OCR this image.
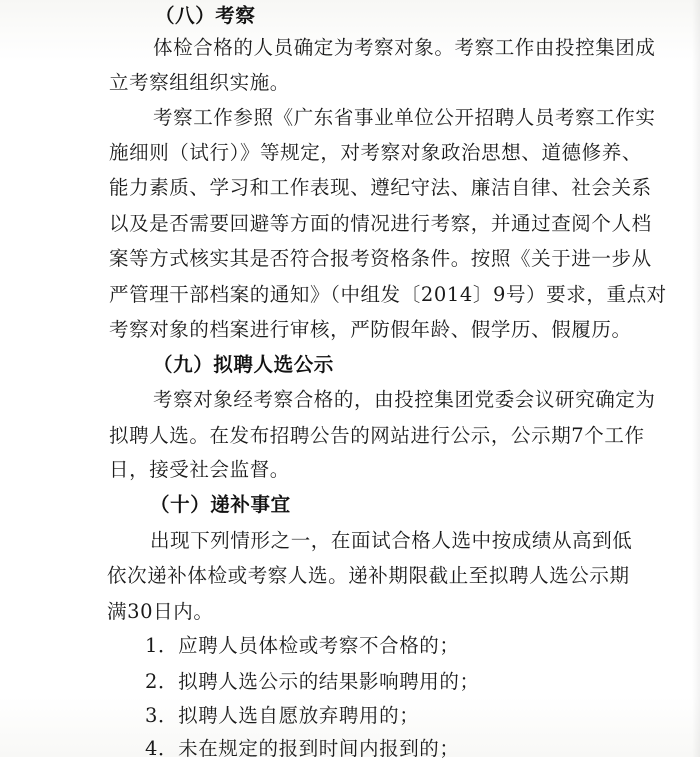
（八）考察
体检合格的人员确定为考察对象。考察工作由投控集团成
立考察组组织实施。
考察工作参照《广东省事业单位公开招聘人员考察工作实
施细则（试行）》等规定，对考察对象政治思想、道德修养、
能力素质、学习和工作表现、遵纪守法、廉洁自律、社会关系
以及是否需要回避等方面的情况进行考察，并通过查阅个人档
案等方式核实其是否符合报考资格条件。按照《关于进一步从
严管理干部档案的通知》（中组发〔2014〕9号）要求，重点对
考察对象的档案进行审核，严防假年龄、假学历、假履历。
（九）拟聘人选公示
考察对象经考察合格的，由投控集团党委会议研究确定为
拟聘人选。在发布招聘公告的网站进行公示，公示期7个工作
日，接受社会监督。
（十）递补事宜
出现下列情形之一，在面试合格人选中按成绩从高到低
依次递补体检或考察人选。递补期限截止至拟聘人选公示期
满30日内。
1．应聘人员体检或考察不合格的；
2．拟聘人选公示的结果影响聘用的；
3．拟聘人选自愿放弃聘用的；
4．未在规定的报到时间内报到的；
